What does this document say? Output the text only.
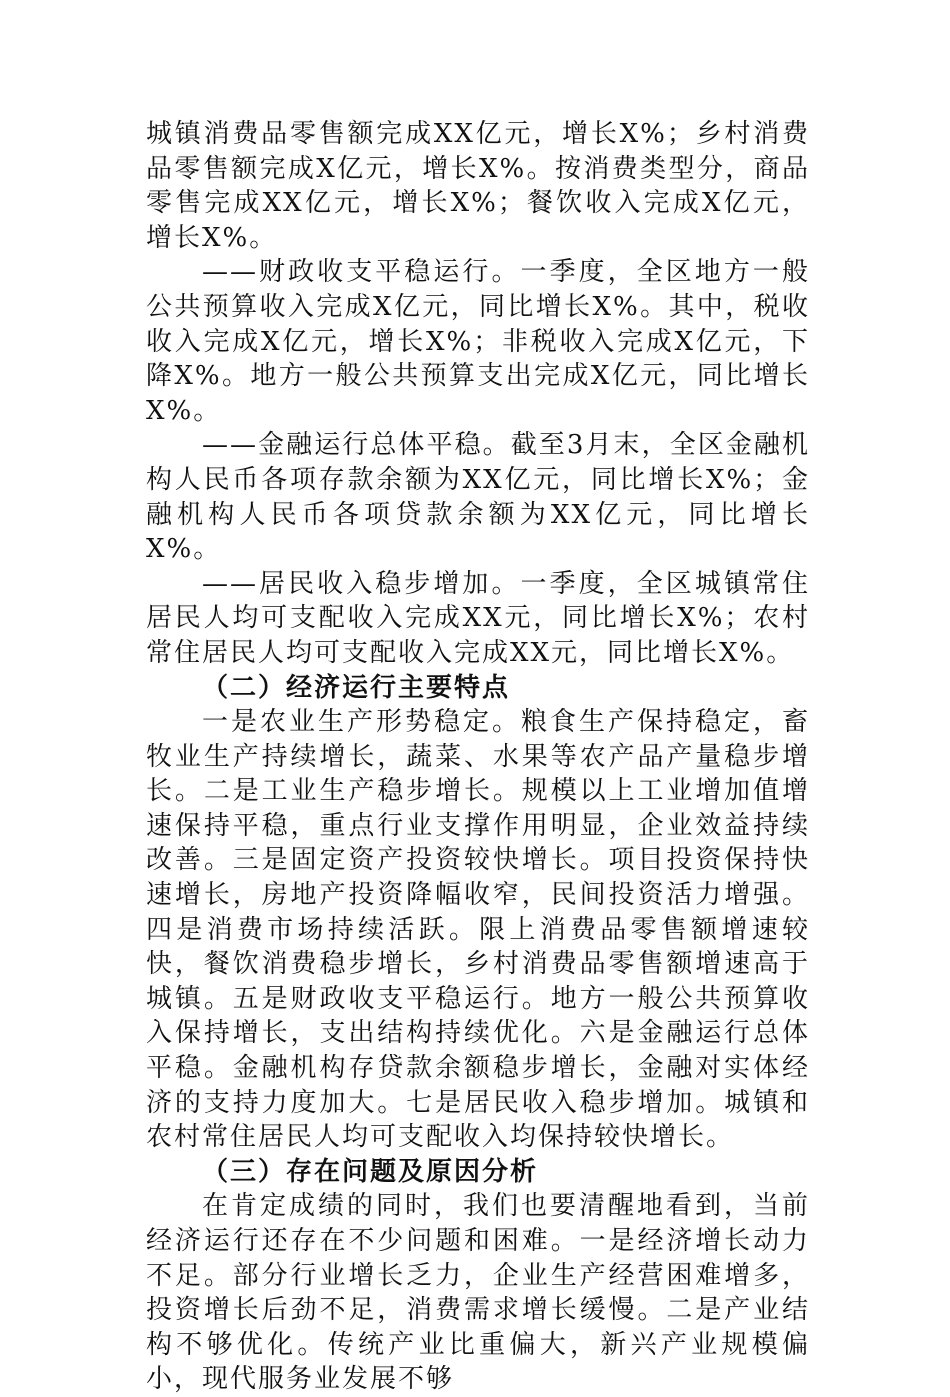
城镇消费品零售额完成XX亿元，增长X%；乡村消费品零售额完成X亿元，增长X%。按消费类型分，商品零售完成XX亿元，增长X%；餐饮收入完成X亿元，增长X%。

——财政收支平稳运行。一季度，全区地方一般公共预算收入完成X亿元，同比增长X%。其中，税收收入完成X亿元，增长X%；非税收入完成X亿元，下降X%。地方一般公共预算支出完成X亿元，同比增长X%。

——金融运行总体平稳。截至3月末，全区金融机构人民币各项存款余额为XX亿元，同比增长X%；金融机构人民币各项贷款余额为XX亿元，同比增长X%。

——居民收入稳步增加。一季度，全区城镇常住居民人均可支配收入完成XX元，同比增长X%；农村常住居民人均可支配收入完成XX元，同比增长X%。

（二）经济运行主要特点

一是农业生产形势稳定。粮食生产保持稳定，畜牧业生产持续增长，蔬菜、水果等农产品产量稳步增长。二是工业生产稳步增长。规模以上工业增加值增速保持平稳，重点行业支撑作用明显，企业效益持续改善。三是固定资产投资较快增长。项目投资保持快速增长，房地产投资降幅收窄，民间投资活力增强。四是消费市场持续活跃。限上消费品零售额增速较快，餐饮消费稳步增长，乡村消费品零售额增速高于城镇。五是财政收支平稳运行。地方一般公共预算收入保持增长，支出结构持续优化。六是金融运行总体平稳。金融机构存贷款余额稳步增长，金融对实体经济的支持力度加大。七是居民收入稳步增加。城镇和农村常住居民人均可支配收入均保持较快增长。

（三）存在问题及原因分析

在肯定成绩的同时，我们也要清醒地看到，当前经济运行还存在不少问题和困难。一是经济增长动力不足。部分行业增长乏力，企业生产经营困难增多，投资增长后劲不足，消费需求增长缓慢。二是产业结构不够优化。传统产业比重偏大，新兴产业规模偏小，现代服务业发展不够
